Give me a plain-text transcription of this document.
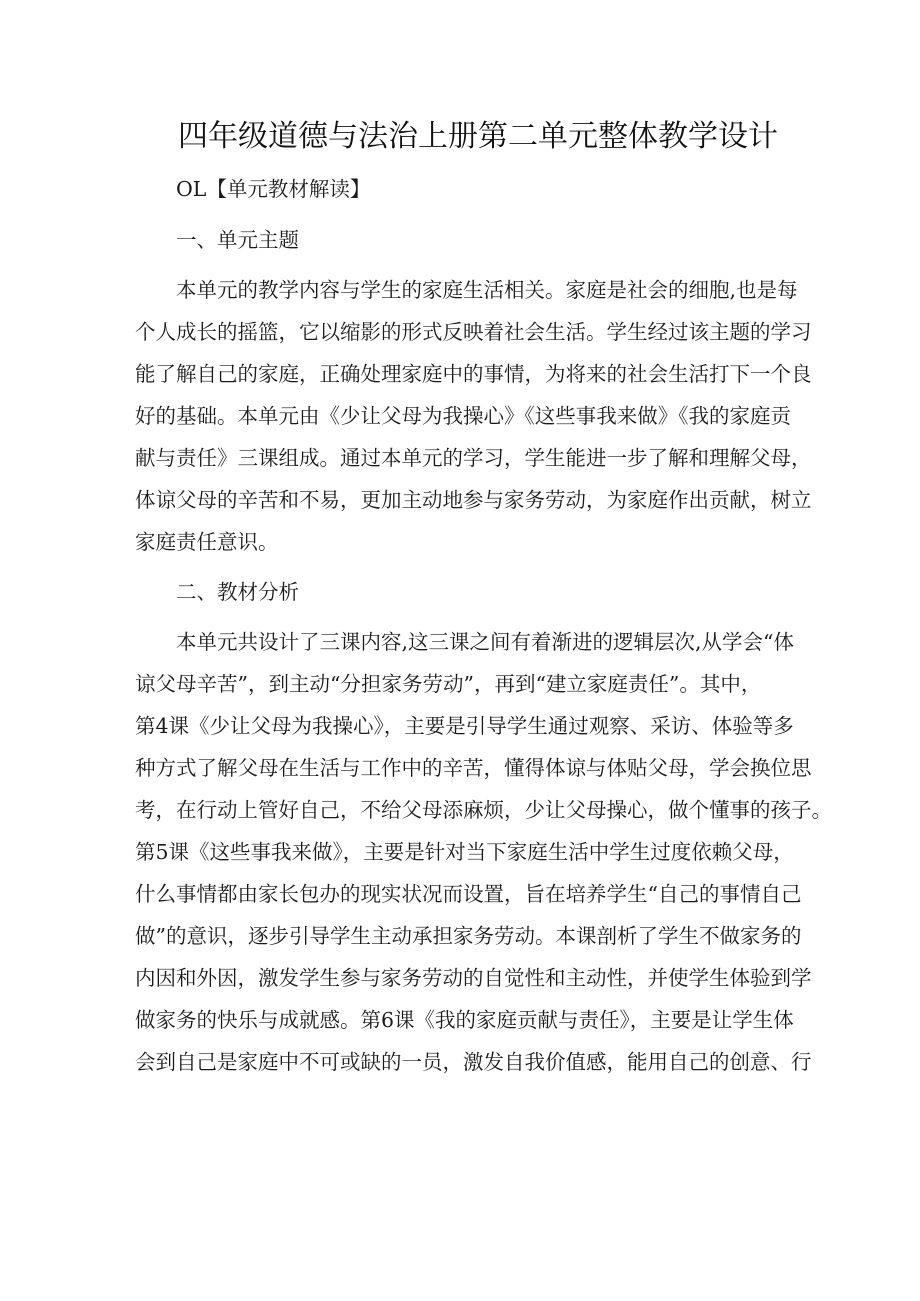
四年级道德与法治上册第二单元整体教学设计
OL【单元教材解读】
一、单元主题
本单元的教学内容与学生的家庭生活相关。家庭是社会的细胞,也是每
个人成长的摇篮，它以缩影的形式反映着社会生活。学生经过该主题的学习
能了解自己的家庭，正确处理家庭中的事情，为将来的社会生活打下一个良
好的基础。本单元由《少让父母为我操心》《这些事我来做》《我的家庭贡
献与责任》三课组成。通过本单元的学习，学生能进一步了解和理解父母，
体谅父母的辛苦和不易，更加主动地参与家务劳动，为家庭作出贡献，树立
家庭责任意识。
二、教材分析
本单元共设计了三课内容,这三课之间有着渐进的逻辑层次,从学会“体
谅父母辛苦”，到主动“分担家务劳动”，再到“建立家庭责任”。其中，
第4课《少让父母为我操心》，主要是引导学生通过观察、采访、体验等多
种方式了解父母在生活与工作中的辛苦，懂得体谅与体贴父母，学会换位思
考，在行动上管好自己，不给父母添麻烦，少让父母操心，做个懂事的孩子。
第5课《这些事我来做》，主要是针对当下家庭生活中学生过度依赖父母，
什么事情都由家长包办的现实状况而设置，旨在培养学生“自己的事情自己
做”的意识，逐步引导学生主动承担家务劳动。本课剖析了学生不做家务的
内因和外因，激发学生参与家务劳动的自觉性和主动性，并使学生体验到学
做家务的快乐与成就感。第6课《我的家庭贡献与责任》，主要是让学生体
会到自己是家庭中不可或缺的一员，激发自我价值感，能用自己的创意、行
